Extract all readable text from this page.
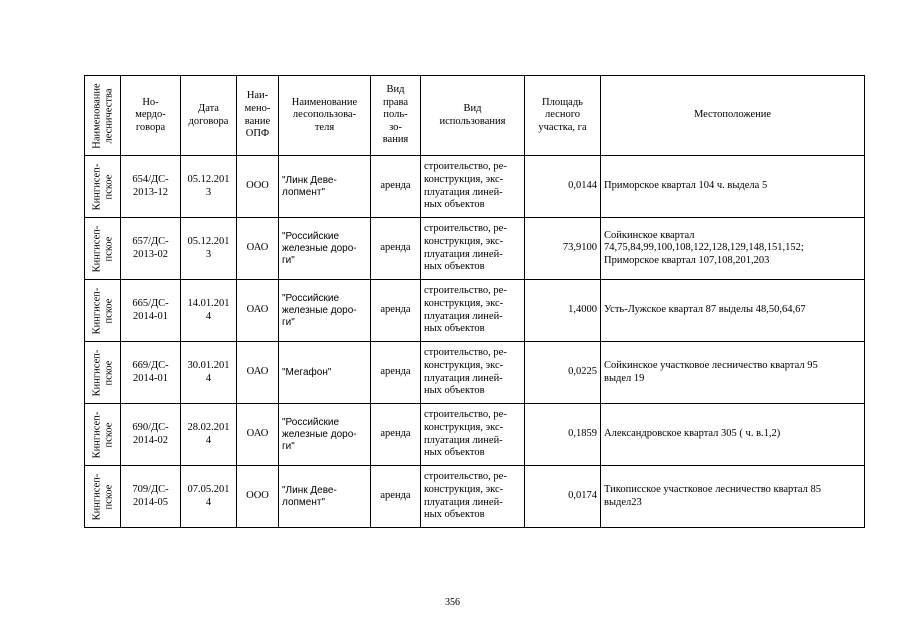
Наименование
лесничества	Но-
мердо-
говора	Дата
договора	Наи-
мено-
вание
ОПФ	Наименование
лесопользова-
теля	Вид
права
поль-
зо-
вания	Вид
использования	Площадь
лесного
участка, га	Местоположение

Кингисеп-
пское	654/ДС-
2013-12	05.12.201
3	ООО	"Линк Деве-
лопмент"	аренда	строительство, ре-
конструкция, экс-
плуатация линей-
ных объектов	0,0144	Приморское квартал 104 ч. выдела 5

Кингисеп-
пское	657/ДС-
2013-02	05.12.201
3	ОАО	"Российские
железные доро-
ги"	аренда	строительство, ре-
конструкция, экс-
плуатация линей-
ных объектов	73,9100	Сойкинское квартал
74,75,84,99,100,108,122,128,129,148,151,152;
Приморское квартал 107,108,201,203

Кингисеп-
пское	665/ДС-
2014-01	14.01.201
4	ОАО	"Российские
железные доро-
ги"	аренда	строительство, ре-
конструкция, экс-
плуатация линей-
ных объектов	1,4000	Усть-Лужское квартал 87 выделы 48,50,64,67

Кингисеп-
пское	669/ДС-
2014-01	30.01.201
4	ОАО	"Мегафон"	аренда	строительство, ре-
конструкция, экс-
плуатация линей-
ных объектов	0,0225	Сойкинское участковое лесничество квартал 95
выдел 19

Кингисеп-
пское	690/ДС-
2014-02	28.02.201
4	ОАО	"Российские
железные доро-
ги"	аренда	строительство, ре-
конструкция, экс-
плуатация линей-
ных объектов	0,1859	Александровское квартал 305 ( ч. в.1,2)

Кингисеп-
пское	709/ДС-
2014-05	07.05.201
4	ООО	"Линк Деве-
лопмент"	аренда	строительство, ре-
конструкция, экс-
плуатация линей-
ных объектов	0,0174	Тикописское участковое лесничество квартал 85
выдел23
356
